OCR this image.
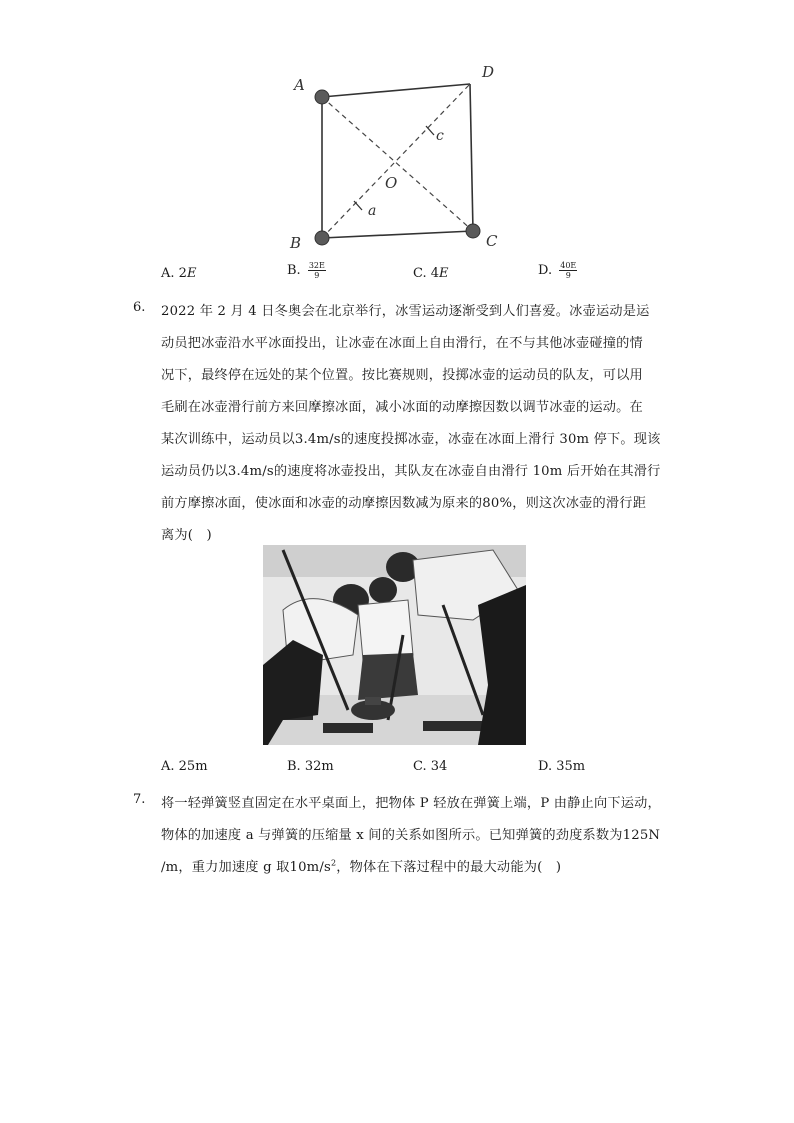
A
B	C
D
O
c
a
A. 2E	B. $\frac{32E}{9}$	C. 4E	D. $\frac{40E}{9}$
6. 2022 年 2 月 4 日冬奥会在北京举行，冰雪运动逐渐受到人们喜爱。冰壶运动是运
动员把冰壶沿水平冰面投出，让冰壶在冰面上自由滑行，在不与其他冰壶碰撞的情
况下，最终停在远处的某个位置。按比赛规则，投掷冰壶的运动员的队友，可以用
毛刷在冰壶滑行前方来回摩擦冰面，减小冰面的动摩擦因数以调节冰壶的运动。在
某次训练中，运动员以3.4m/s的速度投掷冰壶，冰壶在冰面上滑行 30m 停下。现该
运动员仍以3.4m/s的速度将冰壶投出，其队友在冰壶自由滑行 10m 后开始在其滑行
前方摩擦冰面，使冰面和冰壶的动摩擦因数减为原来的80%，则这次冰壶的滑行距
离为(　)
A. 25m	B. 32m	C. 34	D. 35m
7. 将一轻弹簧竖直固定在水平桌面上，把物体 P 轻放在弹簧上端，P 由静止向下运动，
物体的加速度 a 与弹簧的压缩量 x 间的关系如图所示。已知弹簧的劲度系数为125N
/m，重力加速度 g 取$10m/s^2$，物体在下落过程中的最大动能为(　)
